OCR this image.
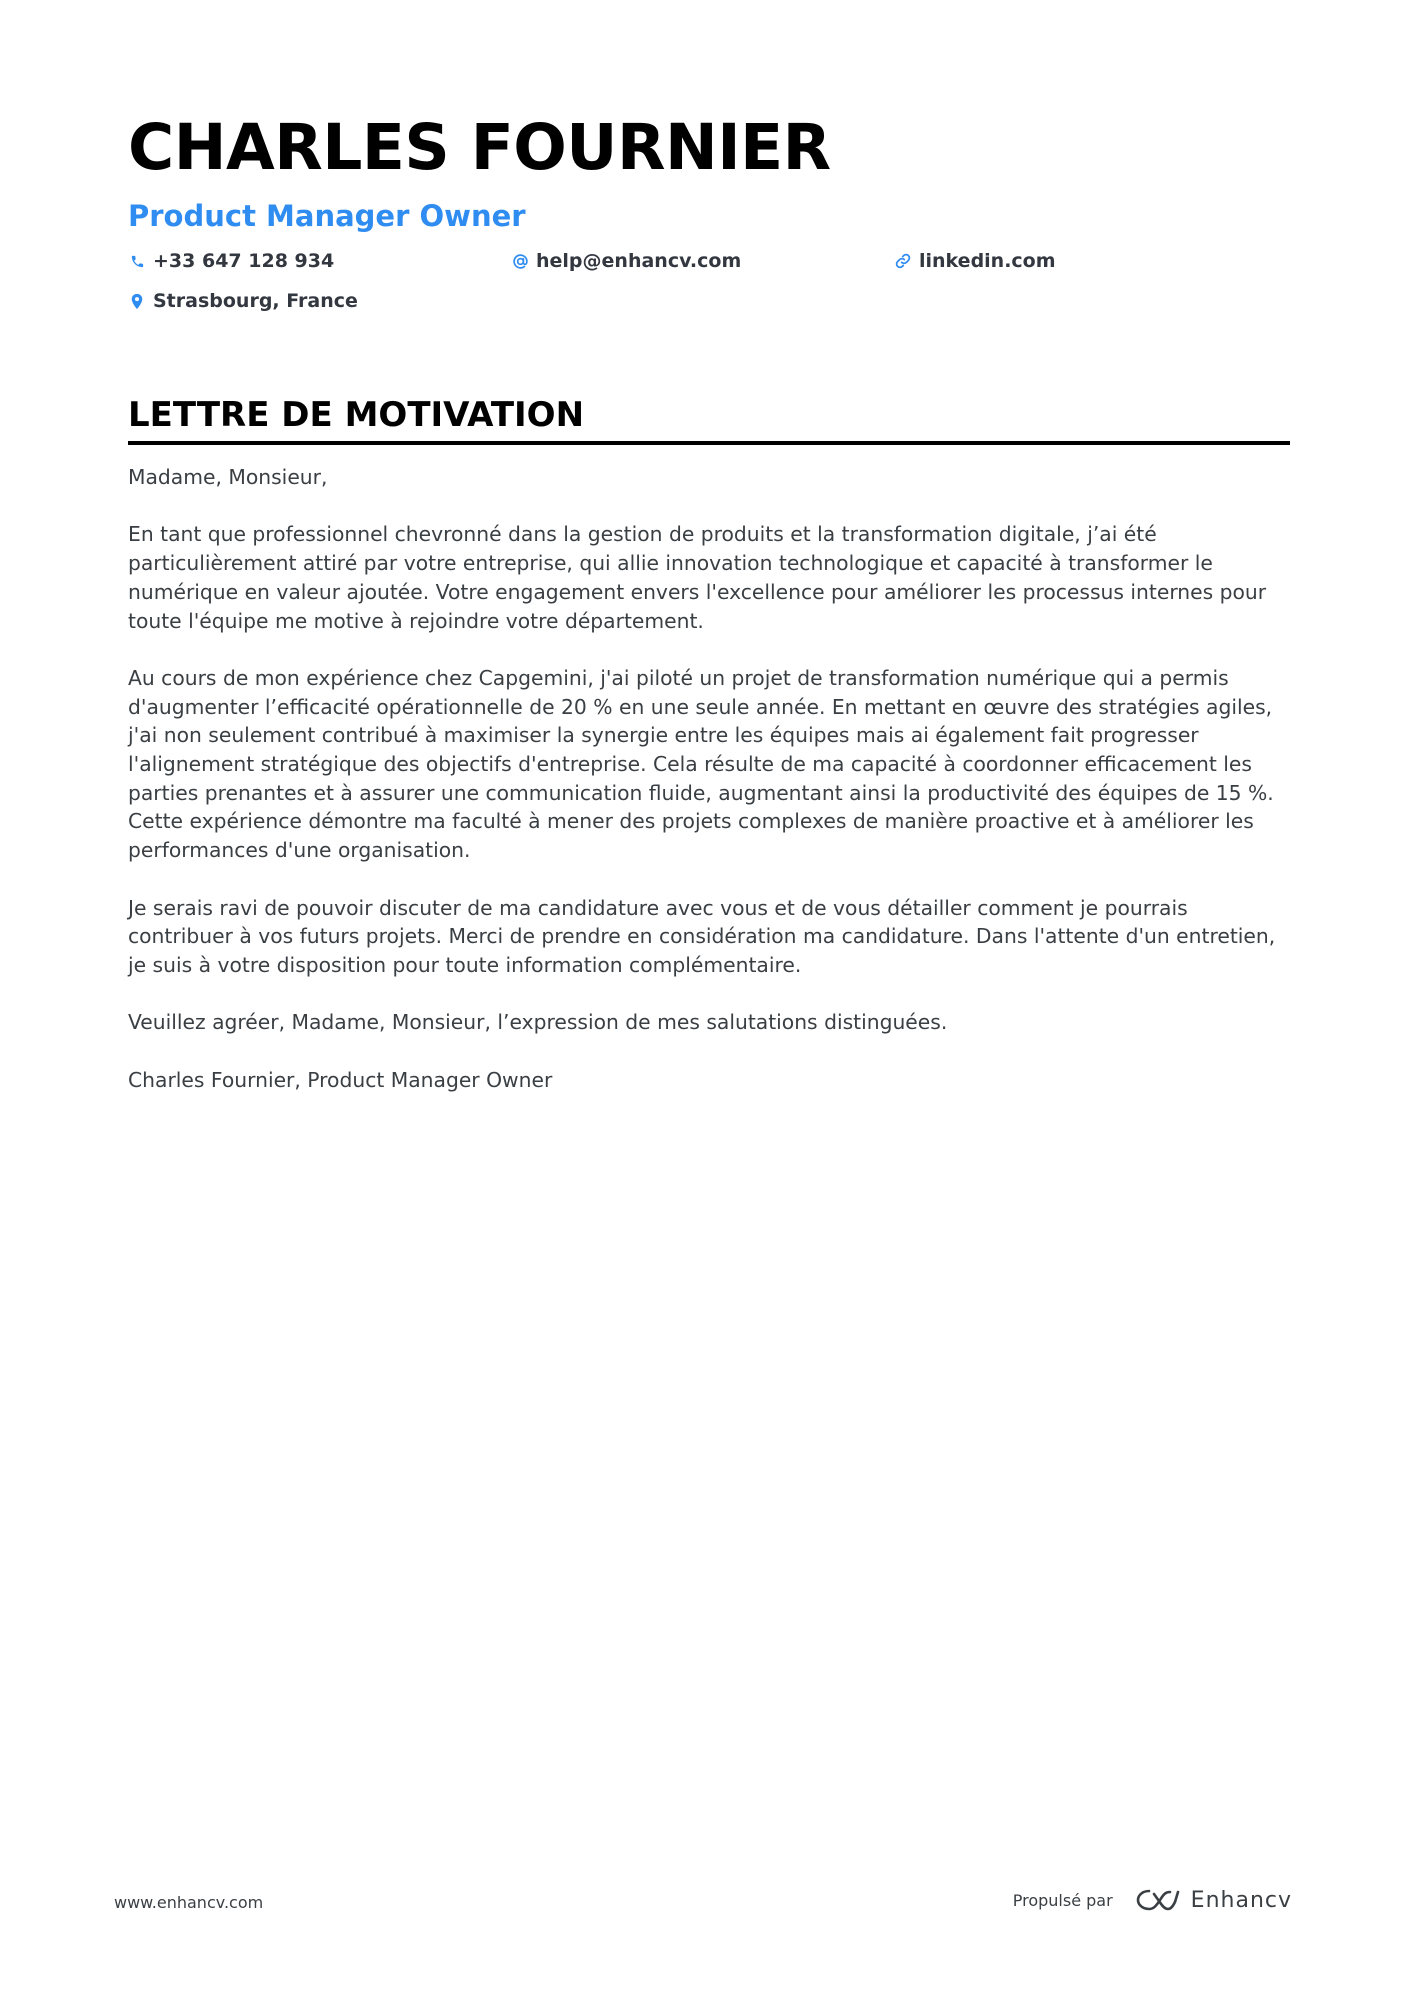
CHARLES FOURNIER
Product Manager Owner
+33 647 128 934	help@enhancv.com	linkedin.com
Strasbourg, France
LETTRE DE MOTIVATION

Madame, Monsieur,

En tant que professionnel chevronné dans la gestion de produits et la transformation digitale, j’ai été particulièrement attiré par votre entreprise, qui allie innovation technologique et capacité à transformer le numérique en valeur ajoutée. Votre engagement envers l'excellence pour améliorer les processus internes pour toute l'équipe me motive à rejoindre votre département.

Au cours de mon expérience chez Capgemini, j'ai piloté un projet de transformation numérique qui a permis d'augmenter l’efficacité opérationnelle de 20 % en une seule année. En mettant en œuvre des stratégies agiles, j'ai non seulement contribué à maximiser la synergie entre les équipes mais ai également fait progresser l'alignement stratégique des objectifs d'entreprise. Cela résulte de ma capacité à coordonner efficacement les parties prenantes et à assurer une communication fluide, augmentant ainsi la productivité des équipes de 15 %. Cette expérience démontre ma faculté à mener des projets complexes de manière proactive et à améliorer les performances d'une organisation.

Je serais ravi de pouvoir discuter de ma candidature avec vous et de vous détailler comment je pourrais contribuer à vos futurs projets. Merci de prendre en considération ma candidature. Dans l'attente d'un entretien, je suis à votre disposition pour toute information complémentaire.

Veuillez agréer, Madame, Monsieur, l’expression de mes salutations distinguées.

Charles Fournier, Product Manager Owner

www.enhancv.com	Propulsé par	Enhancv
